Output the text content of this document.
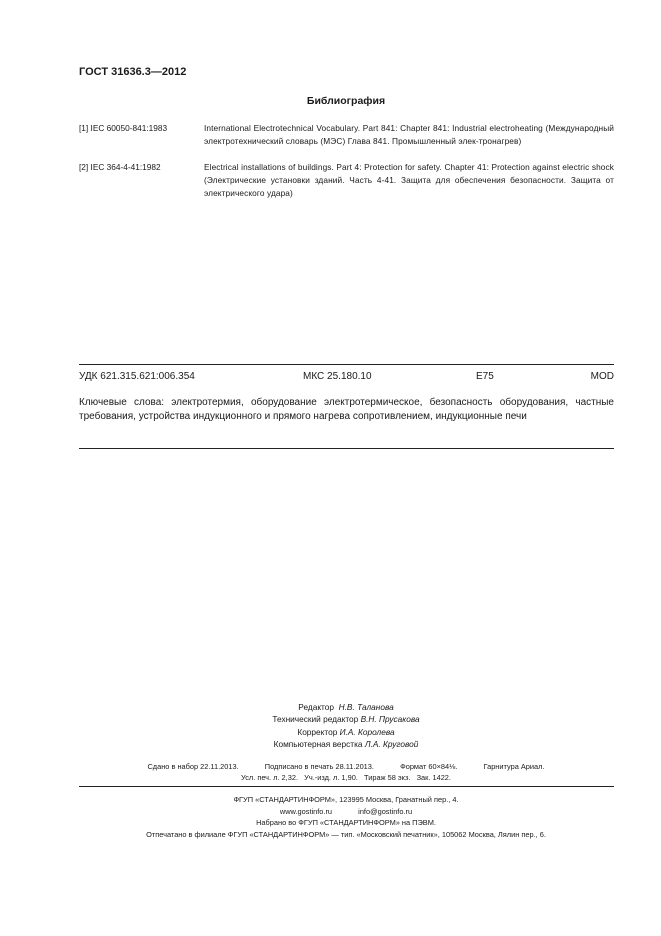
ГОСТ 31636.3—2012
Библиография
[1] IEC 60050-841:1983	International Electrotechnical Vocabulary. Part 841: Chapter 841: Industrial electroheating (Международный электротехнический словарь (МЭС) Глава 841. Промышленный элек-тронагрев)
[2] IEC 364-4-41:1982	Electrical installations of buildings. Part 4: Protection for safety. Chapter 41: Protection against electric shock (Электрические установки зданий. Часть 4-41. Защита для обеспечения безопасности. Защита от электрического удара)
УДК 621.315.621:006.354	МКС 25.180.10	Е75	MOD
Ключевые слова: электротермия, оборудование электротермическое, безопасность оборудования, частные требования, устройства индукционного и прямого нагрева сопротивлением, индукционные печи
Редактор Н.В. Таланова
Технический редактор В.Н. Прусакова
Корректор И.А. Королева
Компьютерная верстка Л.А. Круговой
Сдано в набор 22.11.2013.	Подписано в печать 28.11.2013.	Формат 60×84⅛.	Гарнитура Ариал.
Усл. печ. л. 2,32. Уч.-изд. л. 1,90. Тираж 58 экз. Зак. 1422.
ФГУП «СТАНДАРТИНФОРМ», 123995 Москва, Гранатный пер., 4.
www.gostinfo.ru	info@gostinfo.ru
Набрано во ФГУП «СТАНДАРТИНФОРМ» на ПЭВМ.
Отпечатано в филиале ФГУП «СТАНДАРТИНФОРМ» — тип. «Московский печатник», 105062 Москва, Лялин пер., 6.
